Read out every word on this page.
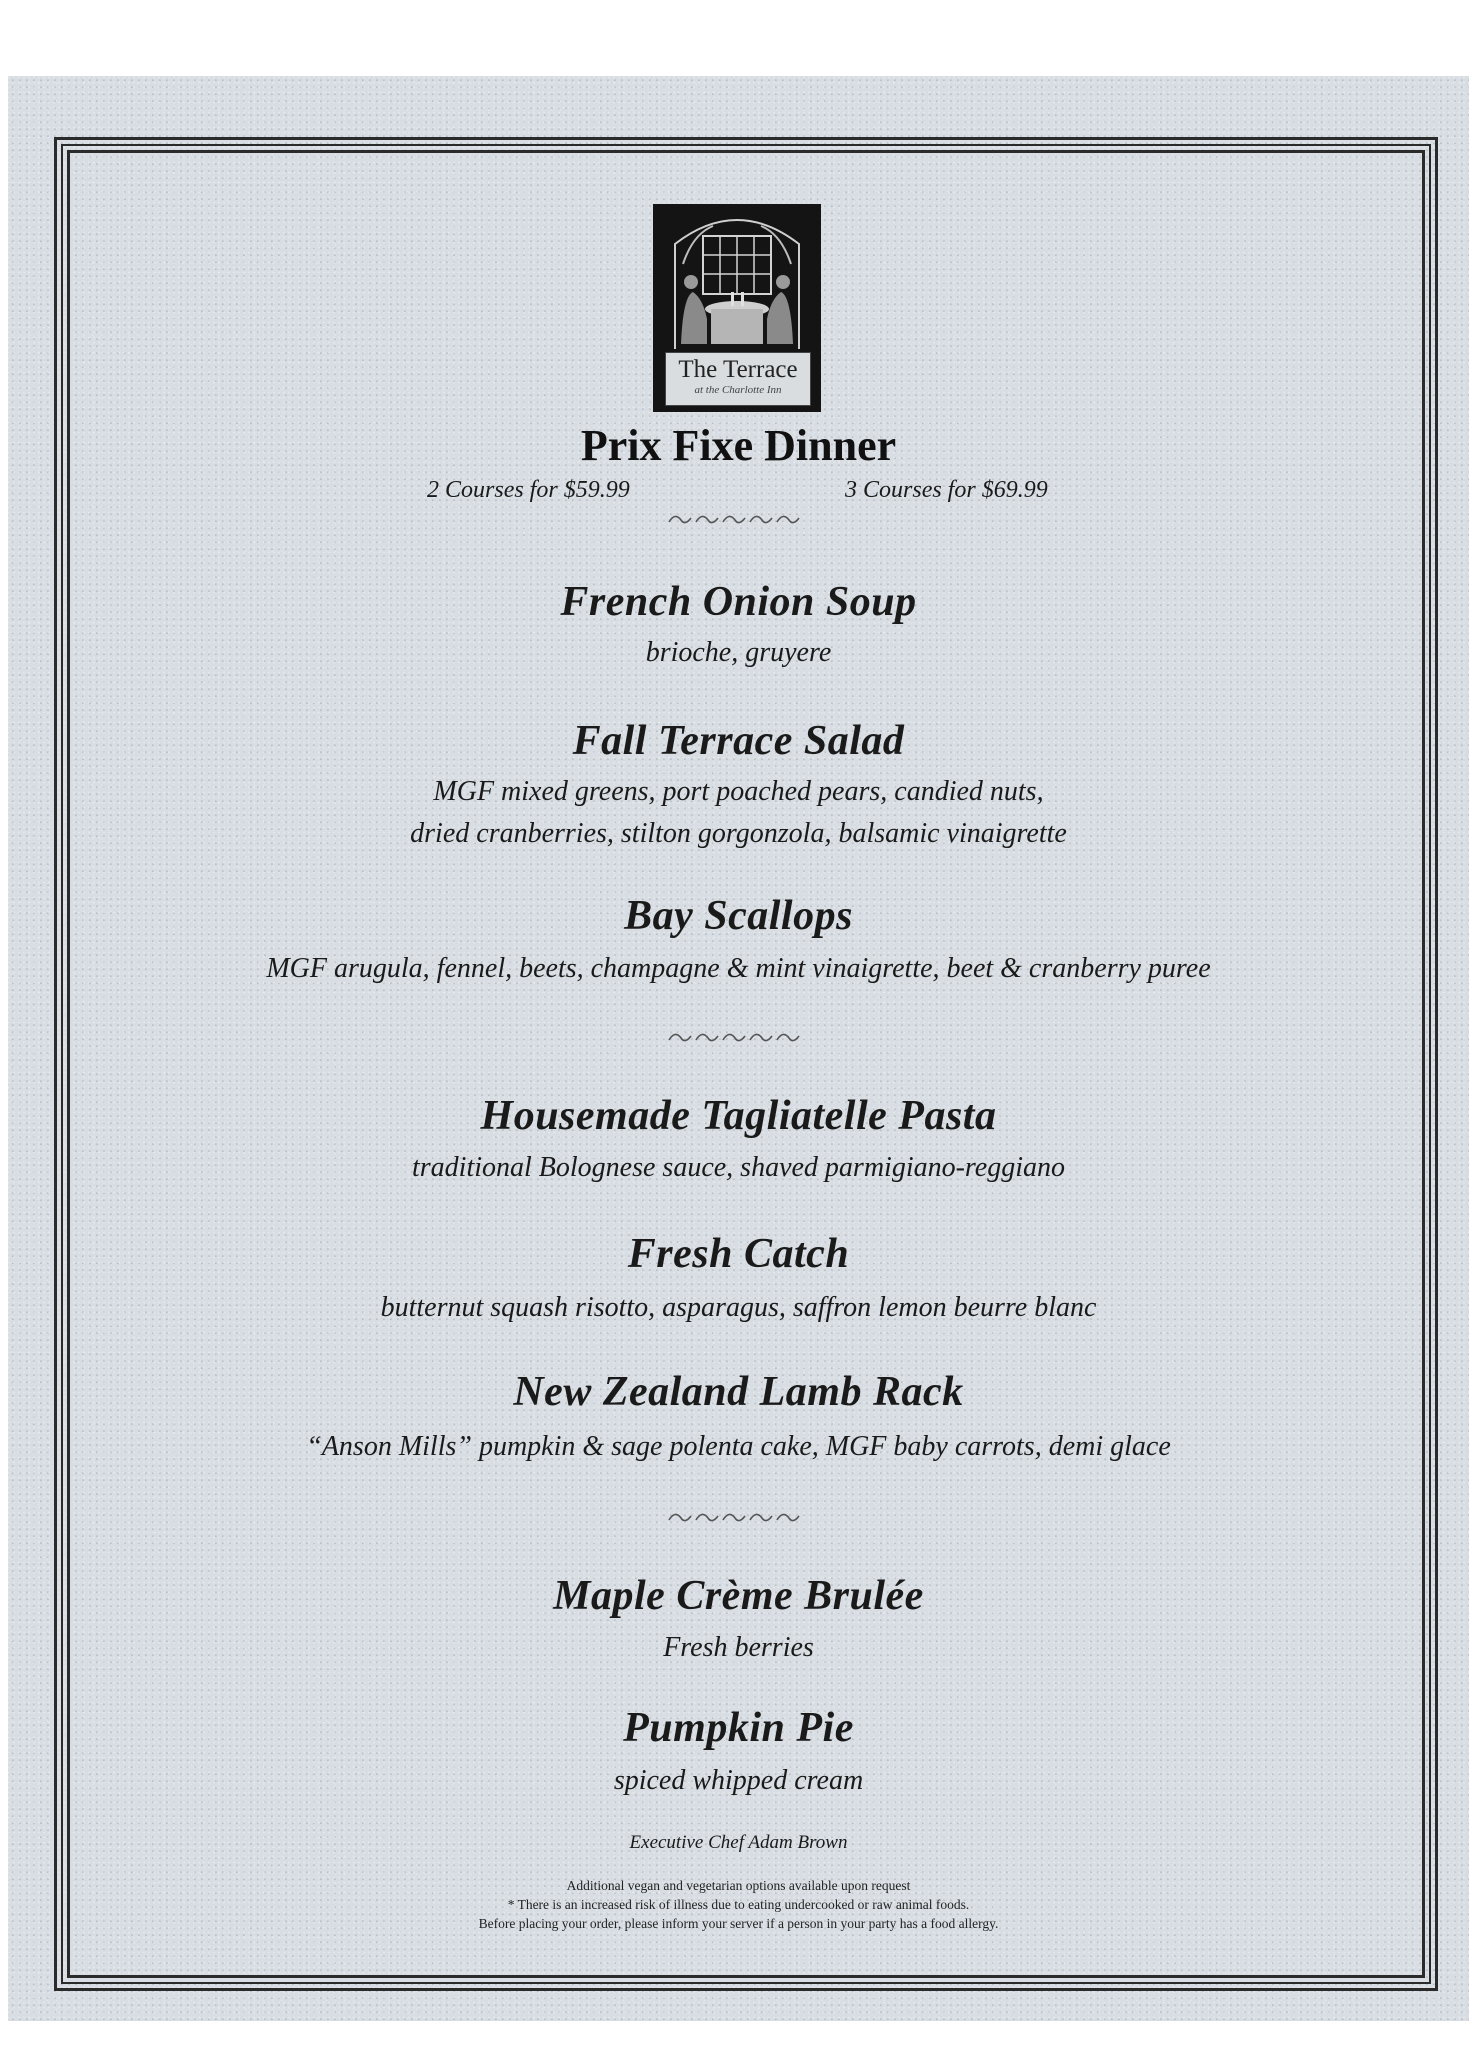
The Terrace
at the Charlotte Inn
Prix Fixe Dinner
2 Courses for $59.99	3 Courses for $69.99
French Onion Soup
brioche, gruyere
Fall Terrace Salad
MGF mixed greens, port poached pears, candied nuts,
dried cranberries, stilton gorgonzola, balsamic vinaigrette
Bay Scallops
MGF arugula, fennel, beets, champagne & mint vinaigrette, beet & cranberry puree
Housemade Tagliatelle Pasta
traditional Bolognese sauce, shaved parmigiano-reggiano
Fresh Catch
butternut squash risotto, asparagus, saffron lemon beurre blanc
New Zealand Lamb Rack
“Anson Mills” pumpkin & sage polenta cake, MGF baby carrots, demi glace
Maple Crème Brulée
Fresh berries
Pumpkin Pie
spiced whipped cream
Executive Chef Adam Brown
Additional vegan and vegetarian options available upon request
* There is an increased risk of illness due to eating undercooked or raw animal foods.
Before placing your order, please inform your server if a person in your party has a food allergy.
